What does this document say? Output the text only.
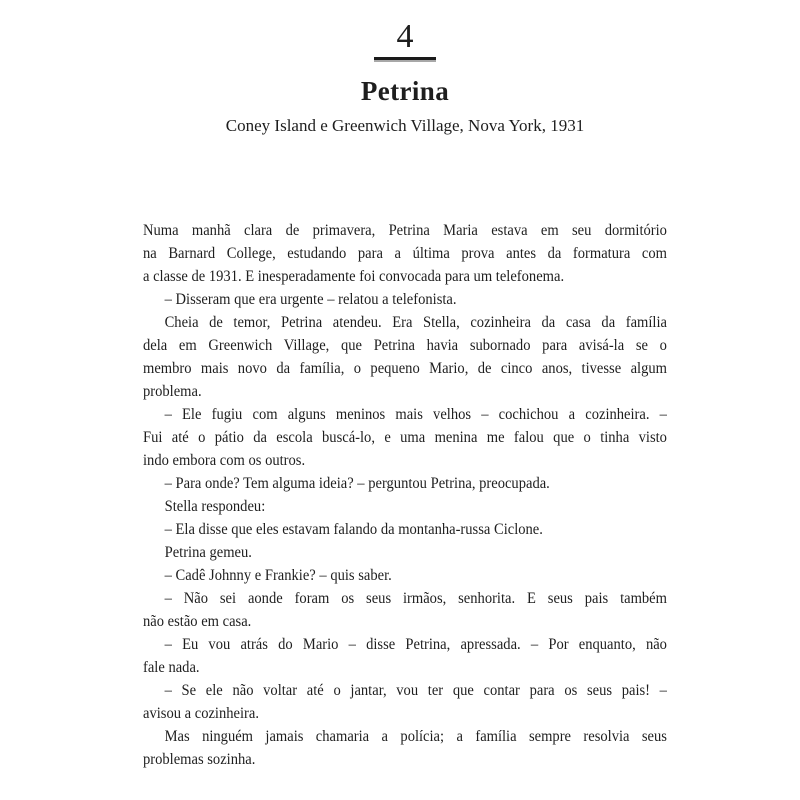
4
Petrina
Coney Island e Greenwich Village, Nova York, 1931
Numa manhã clara de primavera, Petrina Maria estava em seu dormitório
na Barnard College, estudando para a última prova antes da formatura com
a classe de 1931. E inesperadamente foi convocada para um telefonema.
– Disseram que era urgente – relatou a telefonista.
Cheia de temor, Petrina atendeu. Era Stella, cozinheira da casa da família
dela em Greenwich Village, que Petrina havia subornado para avisá-la se o
membro mais novo da família, o pequeno Mario, de cinco anos, tivesse algum
problema.
– Ele fugiu com alguns meninos mais velhos – cochichou a cozinheira. –
Fui até o pátio da escola buscá-lo, e uma menina me falou que o tinha visto
indo embora com os outros.
– Para onde? Tem alguma ideia? – perguntou Petrina, preocupada.
Stella respondeu:
– Ela disse que eles estavam falando da montanha-russa Ciclone.
Petrina gemeu.
– Cadê Johnny e Frankie? – quis saber.
– Não sei aonde foram os seus irmãos, senhorita. E seus pais também
não estão em casa.
– Eu vou atrás do Mario – disse Petrina, apressada. – Por enquanto, não
fale nada.
– Se ele não voltar até o jantar, vou ter que contar para os seus pais! –
avisou a cozinheira.
Mas ninguém jamais chamaria a polícia; a família sempre resolvia seus
problemas sozinha.
